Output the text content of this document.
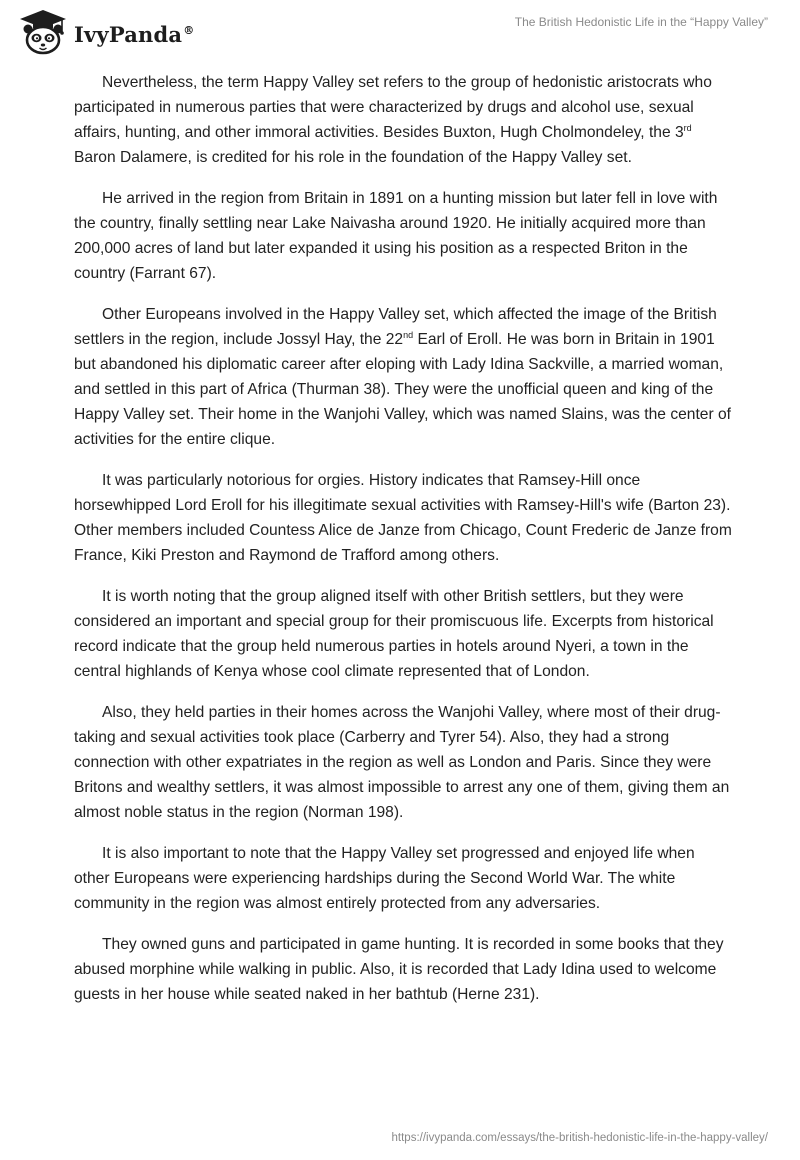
IvyPanda®
The British Hedonistic Life in the “Happy Valley”

Nevertheless, the term Happy Valley set refers to the group of hedonistic aristocrats who participated in numerous parties that were characterized by drugs and alcohol use, sexual affairs, hunting, and other immoral activities. Besides Buxton, Hugh Cholmondeley, the 3rd Baron Dalamere, is credited for his role in the foundation of the Happy Valley set.

He arrived in the region from Britain in 1891 on a hunting mission but later fell in love with the country, finally settling near Lake Naivasha around 1920. He initially acquired more than 200,000 acres of land but later expanded it using his position as a respected Briton in the country (Farrant 67).

Other Europeans involved in the Happy Valley set, which affected the image of the British settlers in the region, include Jossyl Hay, the 22nd Earl of Eroll. He was born in Britain in 1901 but abandoned his diplomatic career after eloping with Lady Idina Sackville, a married woman, and settled in this part of Africa (Thurman 38). They were the unofficial queen and king of the Happy Valley set. Their home in the Wanjohi Valley, which was named Slains, was the center of activities for the entire clique.

It was particularly notorious for orgies. History indicates that Ramsey-Hill once horsewhipped Lord Eroll for his illegitimate sexual activities with Ramsey-Hill's wife (Barton 23). Other members included Countess Alice de Janze from Chicago, Count Frederic de Janze from France, Kiki Preston and Raymond de Trafford among others.

It is worth noting that the group aligned itself with other British settlers, but they were considered an important and special group for their promiscuous life. Excerpts from historical record indicate that the group held numerous parties in hotels around Nyeri, a town in the central highlands of Kenya whose cool climate represented that of London.

Also, they held parties in their homes across the Wanjohi Valley, where most of their drug-taking and sexual activities took place (Carberry and Tyrer 54). Also, they had a strong connection with other expatriates in the region as well as London and Paris. Since they were Britons and wealthy settlers, it was almost impossible to arrest any one of them, giving them an almost noble status in the region (Norman 198).

It is also important to note that the Happy Valley set progressed and enjoyed life when other Europeans were experiencing hardships during the Second World War. The white community in the region was almost entirely protected from any adversaries.

They owned guns and participated in game hunting. It is recorded in some books that they abused morphine while walking in public. Also, it is recorded that Lady Idina used to welcome guests in her house while seated naked in her bathtub (Herne 231).

https://ivypanda.com/essays/the-british-hedonistic-life-in-the-happy-valley/
